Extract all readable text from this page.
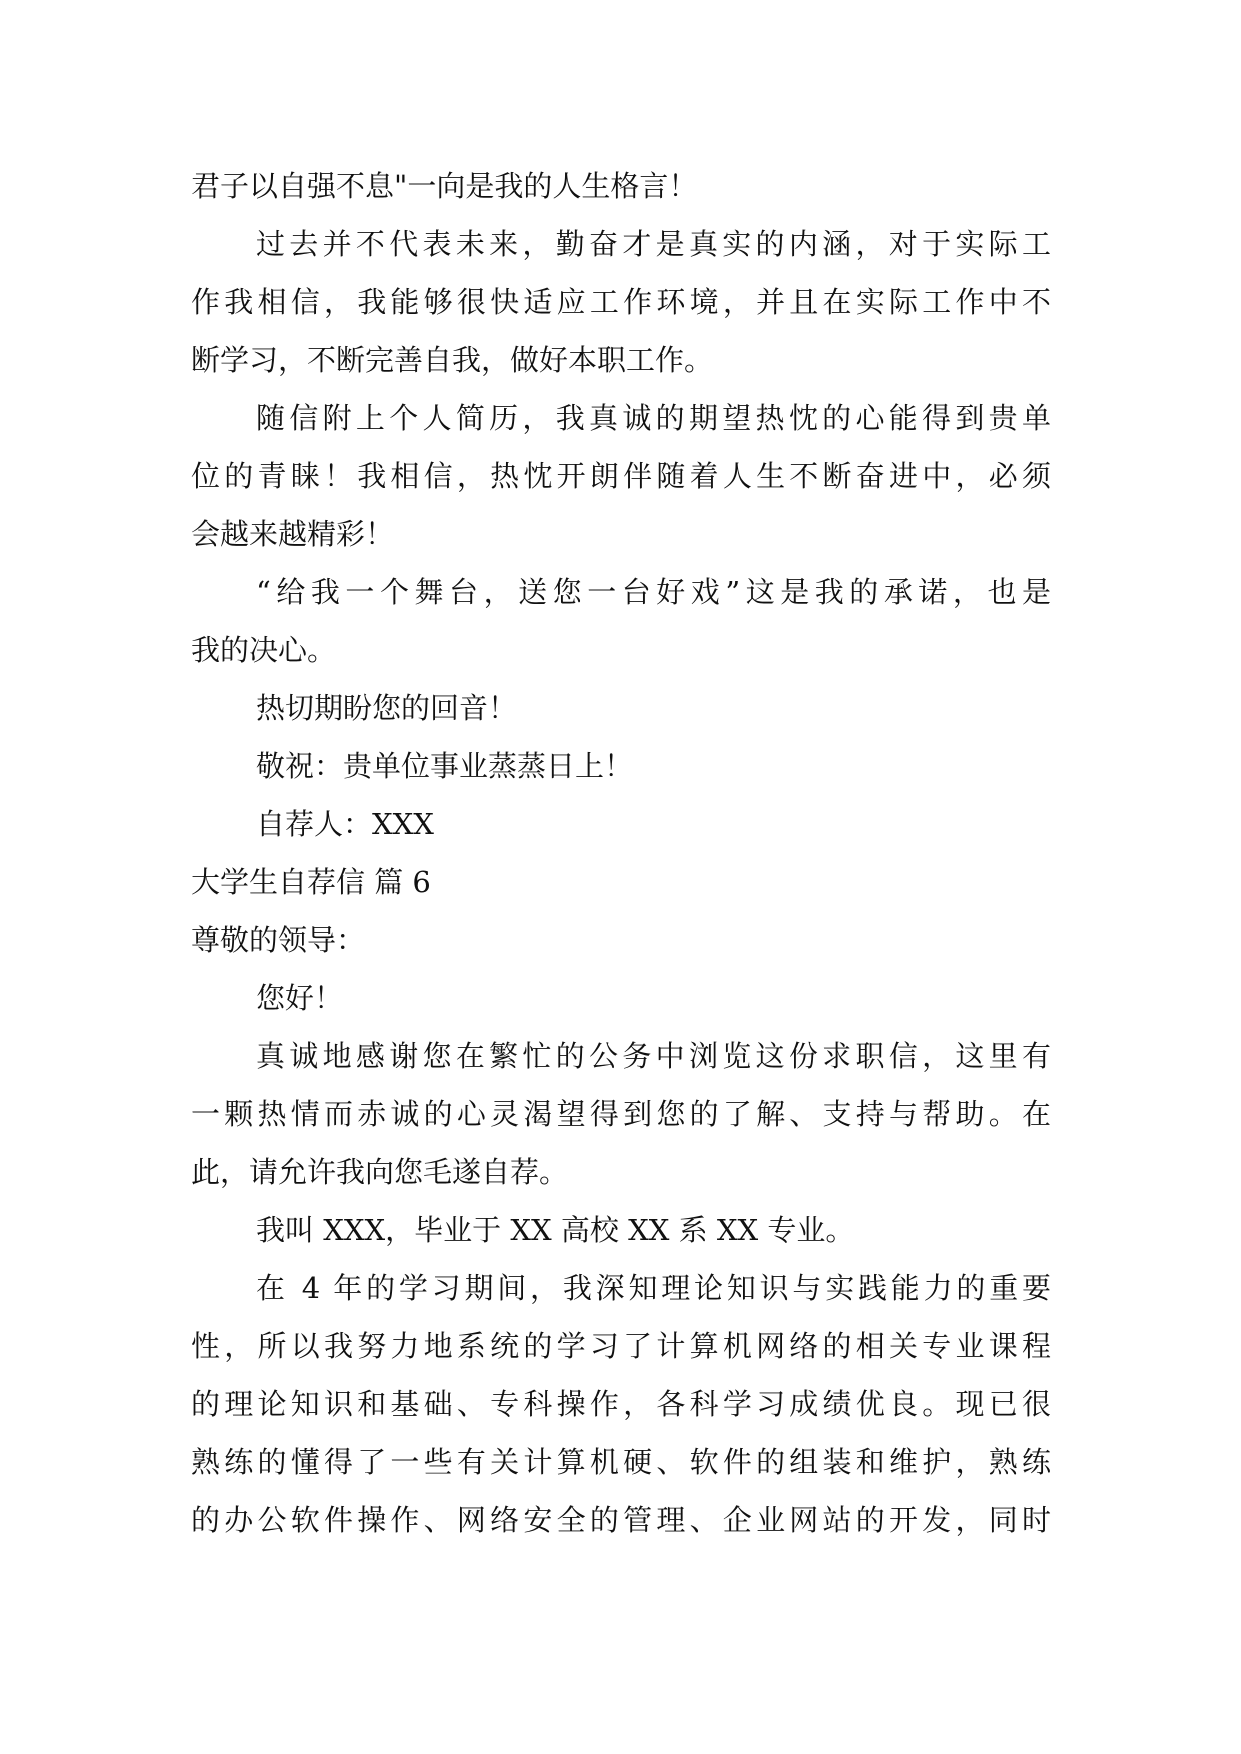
君子以自强不息"一向是我的人生格言！
过去并不代表未来，勤奋才是真实的内涵，对于实际工
作我相信，我能够很快适应工作环境，并且在实际工作中不
断学习，不断完善自我，做好本职工作。
随信附上个人简历，我真诚的期望热忱的心能得到贵单
位的青睐！我相信，热忱开朗伴随着人生不断奋进中，必须
会越来越精彩！
“给我一个舞台，送您一台好戏”这是我的承诺，也是
我的决心。
热切期盼您的回音！
敬祝：贵单位事业蒸蒸日上！
自荐人：XXX
大学生自荐信 篇 6
尊敬的领导：
您好！
真诚地感谢您在繁忙的公务中浏览这份求职信，这里有
一颗热情而赤诚的心灵渴望得到您的了解、支持与帮助。在
此，请允许我向您毛遂自荐。
我叫 XXX，毕业于 XX 高校 XX 系 XX 专业。
在 4 年的学习期间，我深知理论知识与实践能力的重要
性，所以我努力地系统的学习了计算机网络的相关专业课程
的理论知识和基础、专科操作，各科学习成绩优良。现已很
熟练的懂得了一些有关计算机硬、软件的组装和维护，熟练
的办公软件操作、网络安全的管理、企业网站的开发，同时
